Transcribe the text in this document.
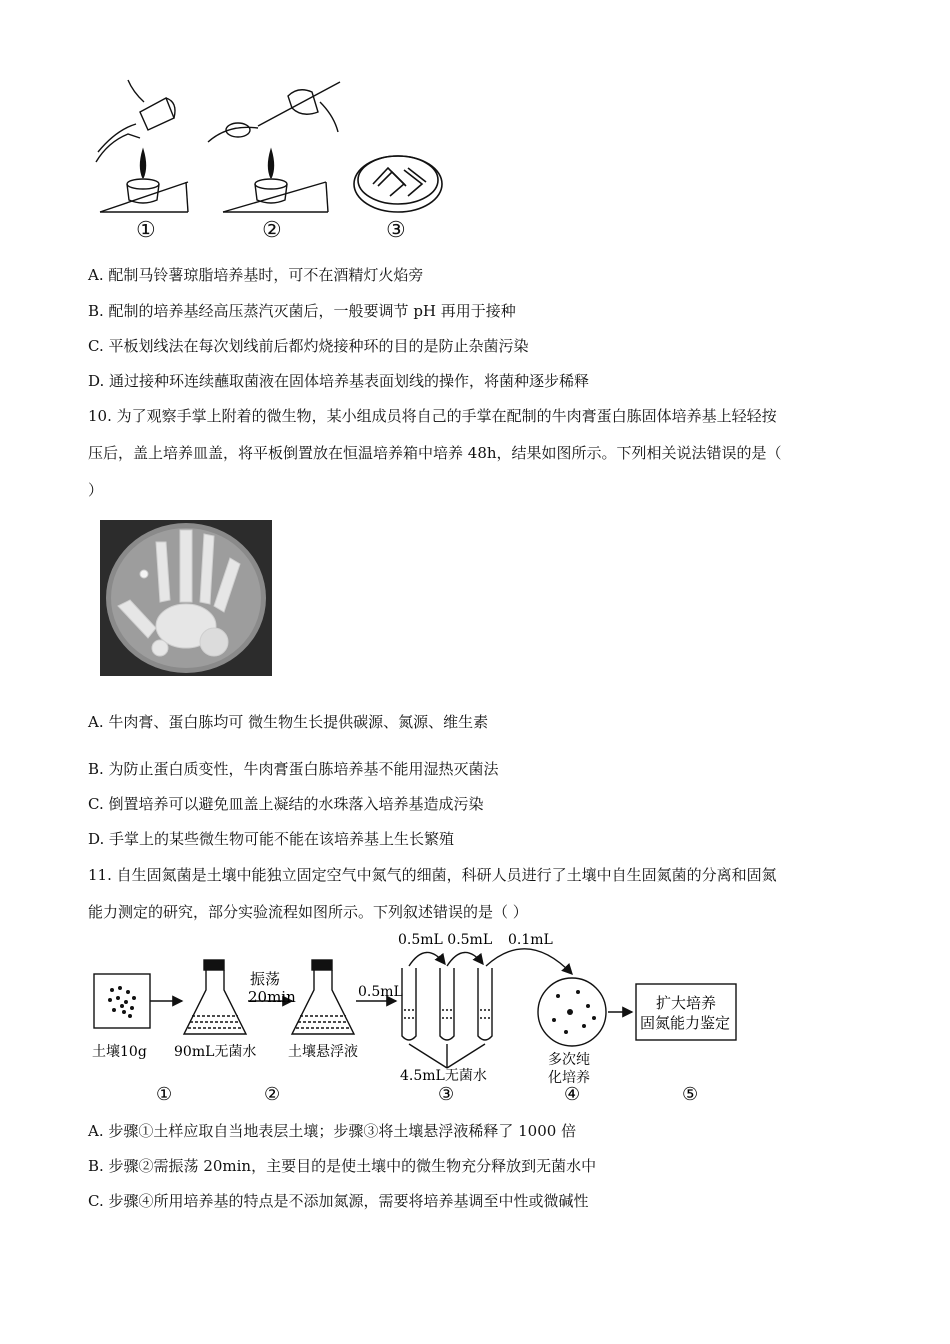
①	②	③
A. 配制马铃薯琼脂培养基时，可不在酒精灯火焰旁
B. 配制的培养基经高压蒸汽灭菌后，一般要调节 pH 再用于接种
C. 平板划线法在每次划线前后都灼烧接种环的目的是防止杂菌污染
D. 通过接种环连续蘸取菌液在固体培养基表面划线的操作，将菌种逐步稀释
10. 为了观察手掌上附着的微生物，某小组成员将自己的手掌在配制的牛肉膏蛋白胨固体培养基上轻轻按
压后，盖上培养皿盖，将平板倒置放在恒温培养箱中培养 48h，结果如图所示。下列相关说法错误的是（
）
A. 牛肉膏、蛋白胨均可 微生物生长提供碳源、氮源、维生素
B. 为防止蛋白质变性，牛肉膏蛋白胨培养基不能用湿热灭菌法
C. 倒置培养可以避免皿盖上凝结的水珠落入培养基造成污染
D. 手掌上的某些微生物可能不能在该培养基上生长繁殖
11. 自生固氮菌是土壤中能独立固定空气中氮气的细菌，科研人员进行了土壤中自生固氮菌的分离和固氮
能力测定的研究，部分实验流程如图所示。下列叙述错误的是（ ）
振荡
20min	0.5mL
0.5mL 0.5mL 0.1mL
扩大培养
固氮能力鉴定
土壤10g 90mL无菌水 土壤悬浮液
4.5mL无菌水
多次纯
化培养
①	②	③	④	⑤
A. 步骤①土样应取自当地表层土壤；步骤③将土壤悬浮液稀释了 1000 倍
B. 步骤②需振荡 20min，主要目的是使土壤中的微生物充分释放到无菌水中
C. 步骤④所用培养基的特点是不添加氮源，需要将培养基调至中性或微碱性
